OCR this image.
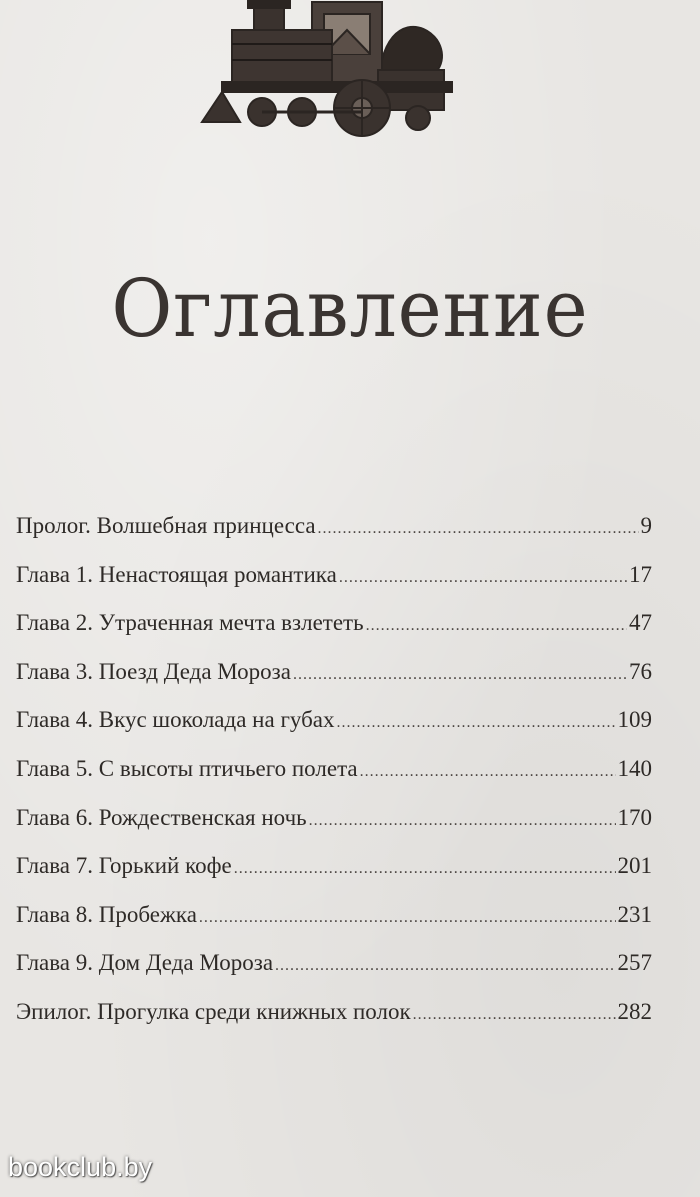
Оглавление
Пролог. Волшебная принцесса .....	9
Глава 1. Ненастоящая романтика .....	17
Глава 2. Утраченная мечта взлететь .....	47
Глава 3. Поезд Деда Мороза .....	76
Глава 4. Вкус шоколада на губах .....	109
Глава 5. С высоты птичьего полета .....	140
Глава 6. Рождественская ночь .....	170
Глава 7. Горький кофе .....	201
Глава 8. Пробежка .....	231
Глава 9. Дом Деда Мороза .....	257
Эпилог. Прогулка среди книжных полок .....	282
bookclub.by
